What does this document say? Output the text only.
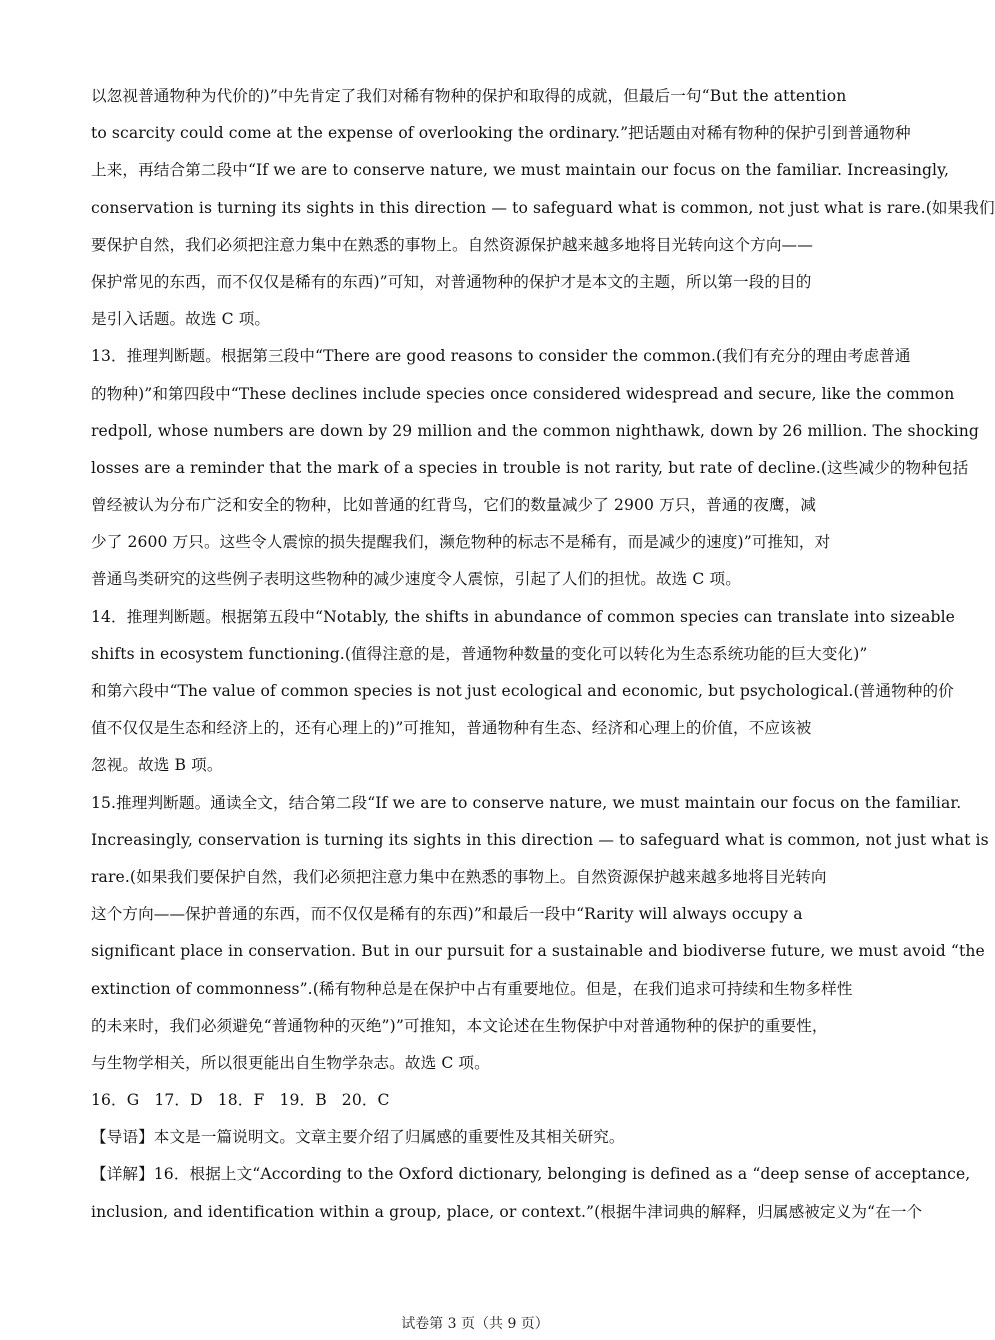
以忽视普通物种为代价的)”中先肯定了我们对稀有物种的保护和取得的成就，但最后一句“But the attention
to scarcity could come at the expense of overlooking the ordinary.”把话题由对稀有物种的保护引到普通物种
上来，再结合第二段中“If we are to conserve nature, we must maintain our focus on the familiar. Increasingly,
conservation is turning its sights in this direction — to safeguard what is common, not just what is rare.(如果我们
要保护自然，我们必须把注意力集中在熟悉的事物上。自然资源保护越来越多地将目光转向这个方向——
保护常见的东西，而不仅仅是稀有的东西)”可知，对普通物种的保护才是本文的主题，所以第一段的目的
是引入话题。故选 C 项。
13．推理判断题。根据第三段中“There are good reasons to consider the common.(我们有充分的理由考虑普通
的物种)”和第四段中“These declines include species once considered widespread and secure, like the common
redpoll, whose numbers are down by 29 million and the common nighthawk, down by 26 million. The shocking
losses are a reminder that the mark of a species in trouble is not rarity, but rate of decline.(这些减少的物种包括
曾经被认为分布广泛和安全的物种，比如普通的红背鸟，它们的数量减少了 2900 万只，普通的夜鹰，减
少了 2600 万只。这些令人震惊的损失提醒我们，濒危物种的标志不是稀有，而是减少的速度)”可推知，对
普通鸟类研究的这些例子表明这些物种的减少速度令人震惊，引起了人们的担忧。故选 C 项。
14．推理判断题。根据第五段中“Notably, the shifts in abundance of common species can translate into sizeable
shifts in ecosystem functioning.(值得注意的是，普通物种数量的变化可以转化为生态系统功能的巨大变化)”
和第六段中“The value of common species is not just ecological and economic, but psychological.(普通物种的价
值不仅仅是生态和经济上的，还有心理上的)”可推知，普通物种有生态、经济和心理上的价值，不应该被
忽视。故选 B 项。
15.推理判断题。通读全文，结合第二段“If we are to conserve nature, we must maintain our focus on the familiar.
Increasingly, conservation is turning its sights in this direction — to safeguard what is common, not just what is
rare.(如果我们要保护自然，我们必须把注意力集中在熟悉的事物上。自然资源保护越来越多地将目光转向
这个方向——保护普通的东西，而不仅仅是稀有的东西)”和最后一段中“Rarity will always occupy a
significant place in conservation. But in our pursuit for a sustainable and biodiverse future, we must avoid “the
extinction of commonness”.(稀有物种总是在保护中占有重要地位。但是，在我们追求可持续和生物多样性
的未来时，我们必须避免“普通物种的灭绝”)”可推知，本文论述在生物保护中对普通物种的保护的重要性，
与生物学相关，所以很更能出自生物学杂志。故选 C 项。
16．G 17．D 18．F 19．B 20．C
【导语】本文是一篇说明文。文章主要介绍了归属感的重要性及其相关研究。
【详解】16．根据上文“According to the Oxford dictionary, belonging is defined as a “deep sense of acceptance,
inclusion, and identification within a group, place, or context.”(根据牛津词典的解释，归属感被定义为“在一个
试卷第 3 页（共 9 页）
